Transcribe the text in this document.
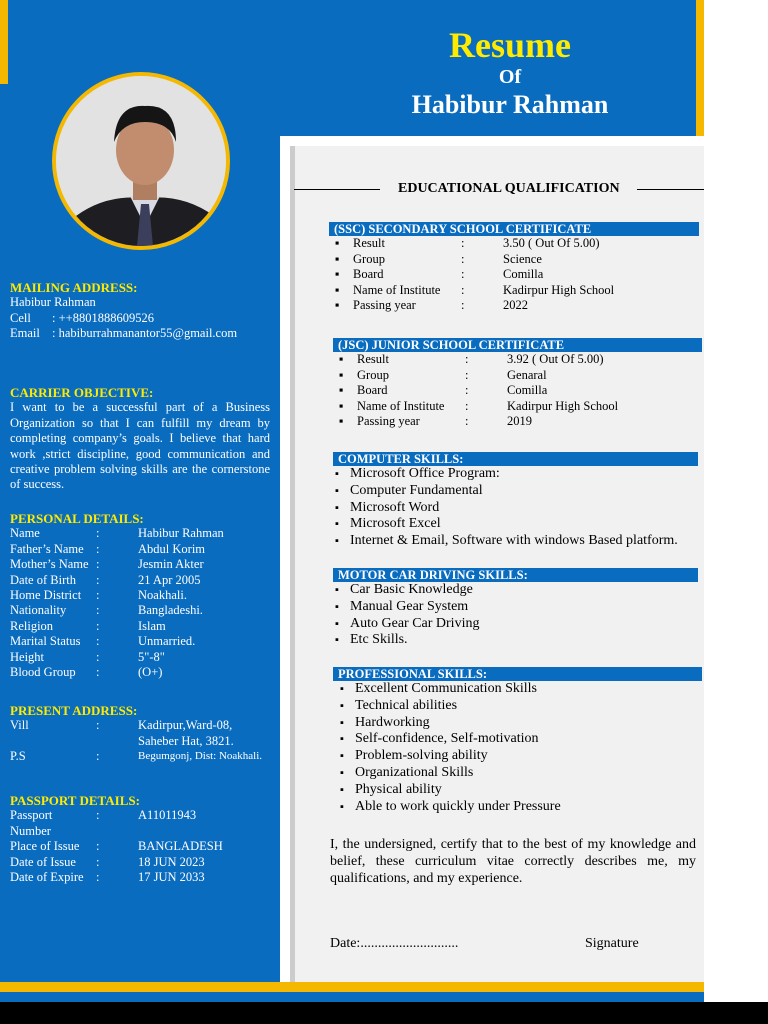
Resume
Of
Habibur Rahman
MAILING ADDRESS:
Habibur Rahman
Cell	: ++8801888609526
Email : habiburrahmanantor55@gmail.com
CARRIER OBJECTIVE:
I want to be a successful part of a Business Organization so that I can fulfill my dream by completing company’s goals. I believe that hard work ,strict discipline, good communication and creative problem solving skills are the cornerstone of success.
PERSONAL DETAILS:
Name	:	Habibur Rahman
Father’s Name :	Abdul Korim
Mother’s Name :	Jesmin Akter
Date of Birth	:	21 Apr 2005
Home District	:	Noakhali.
Nationality	:	Bangladeshi.
Religion	:	Islam
Marital Status	:	Unmarried.
Height	:	5"-8"
Blood Group	:	(O+)
PRESENT ADDRESS:
Vill	:	Kadirpur,Ward-08,
Saheber Hat, 3821.
P.S	:	Begumgonj, Dist: Noakhali.
PASSPORT DETAILS:
Passport Number
:	A11011943
Place of Issue	:	BANGLADESH
Date of Issue	:	18 JUN 2023
Date of Expire :	17 JUN 2033
EDUCATIONAL QUALIFICATION
(SSC) SECONDARY SCHOOL CERTIFICATE
▪	Result	:	3.50 ( Out Of 5.00)
▪	Group	:	Science
▪	Board	:	Comilla
▪	Name of Institute	:	Kadirpur High School
▪	Passing year	:	2022
(JSC) JUNIOR SCHOOL CERTIFICATE
▪	Result	:	3.92 ( Out Of 5.00)
▪	Group	:	Genaral
▪	Board	:	Comilla
▪	Name of Institute	:	Kadirpur High School
▪	Passing year	:	2019
COMPUTER SKILLS:
▪ Microsoft Office Program:
▪ Computer Fundamental
▪ Microsoft Word
▪ Microsoft Excel
▪ Internet & Email, Software with windows Based platform.
MOTOR CAR DRIVING SKILLS:
▪ Car Basic Knowledge
▪ Manual Gear System
▪ Auto Gear Car Driving
▪ Etc Skills.
PROFESSIONAL SKILLS:
▪ Excellent Communication Skills
▪ Technical abilities
▪ Hardworking
▪ Self-confidence, Self-motivation
▪ Problem-solving ability
▪ Organizational Skills
▪ Physical ability
▪ Able to work quickly under Pressure
I, the undersigned, certify that to the best of my knowledge and belief, these curriculum vitae correctly describes me, my qualifications, and my experience.
Date:............................	Signature
